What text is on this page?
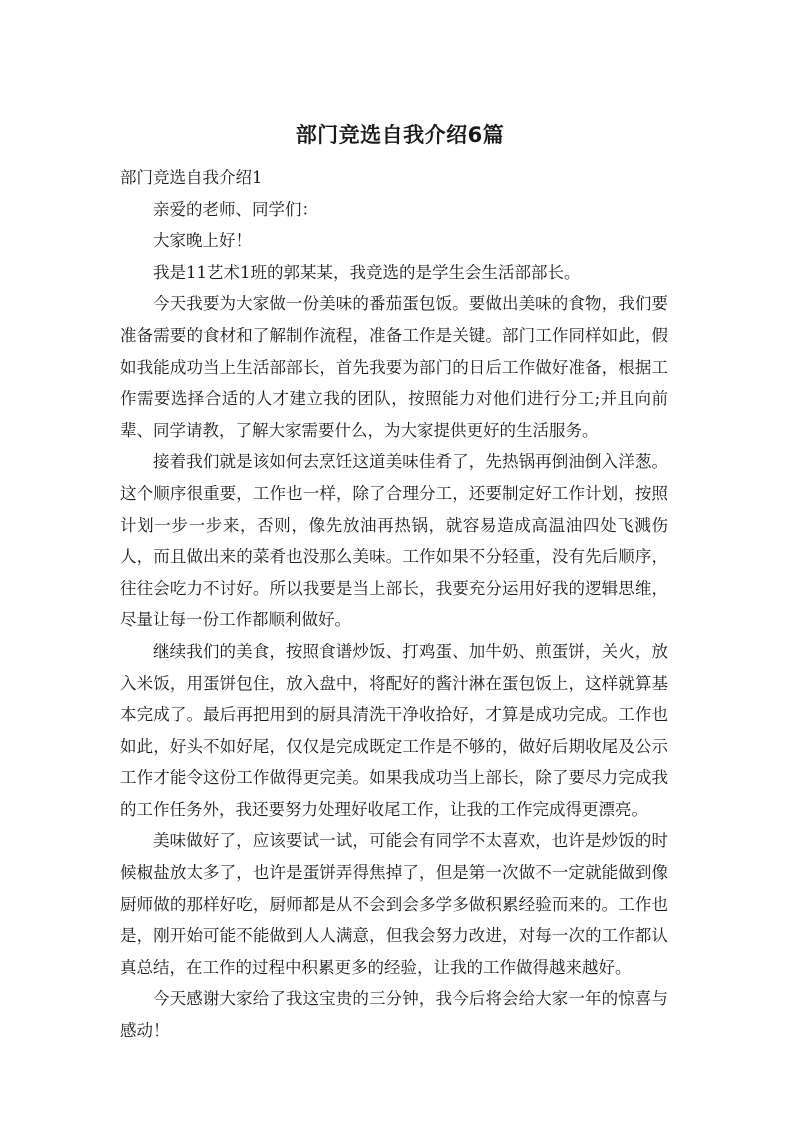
部门竞选自我介绍6篇

部门竞选自我介绍1

亲爱的老师、同学们：

大家晚上好！

我是11艺术1班的郭某某，我竞选的是学生会生活部部长。

今天我要为大家做一份美味的番茄蛋包饭。要做出美味的食物，我们要准备需要的食材和了解制作流程，准备工作是关键。部门工作同样如此，假如我能成功当上生活部部长，首先我要为部门的日后工作做好准备，根据工作需要选择合适的人才建立我的团队，按照能力对他们进行分工;并且向前辈、同学请教，了解大家需要什么，为大家提供更好的生活服务。

接着我们就是该如何去烹饪这道美味佳肴了，先热锅再倒油倒入洋葱。这个顺序很重要，工作也一样，除了合理分工，还要制定好工作计划，按照计划一步一步来，否则，像先放油再热锅，就容易造成高温油四处飞溅伤人，而且做出来的菜肴也没那么美味。工作如果不分轻重，没有先后顺序，往往会吃力不讨好。所以我要是当上部长，我要充分运用好我的逻辑思维，尽量让每一份工作都顺利做好。

继续我们的美食，按照食谱炒饭、打鸡蛋、加牛奶、煎蛋饼，关火，放入米饭，用蛋饼包住，放入盘中，将配好的酱汁淋在蛋包饭上，这样就算基本完成了。最后再把用到的厨具清洗干净收拾好，才算是成功完成。工作也如此，好头不如好尾，仅仅是完成既定工作是不够的，做好后期收尾及公示工作才能令这份工作做得更完美。如果我成功当上部长，除了要尽力完成我的工作任务外，我还要努力处理好收尾工作，让我的工作完成得更漂亮。

美味做好了，应该要试一试，可能会有同学不太喜欢，也许是炒饭的时候椒盐放太多了，也许是蛋饼弄得焦掉了，但是第一次做不一定就能做到像厨师做的那样好吃，厨师都是从不会到会多学多做积累经验而来的。工作也是，刚开始可能不能做到人人满意，但我会努力改进，对每一次的工作都认真总结，在工作的过程中积累更多的经验，让我的工作做得越来越好。

今天感谢大家给了我这宝贵的三分钟，我今后将会给大家一年的惊喜与感动！
